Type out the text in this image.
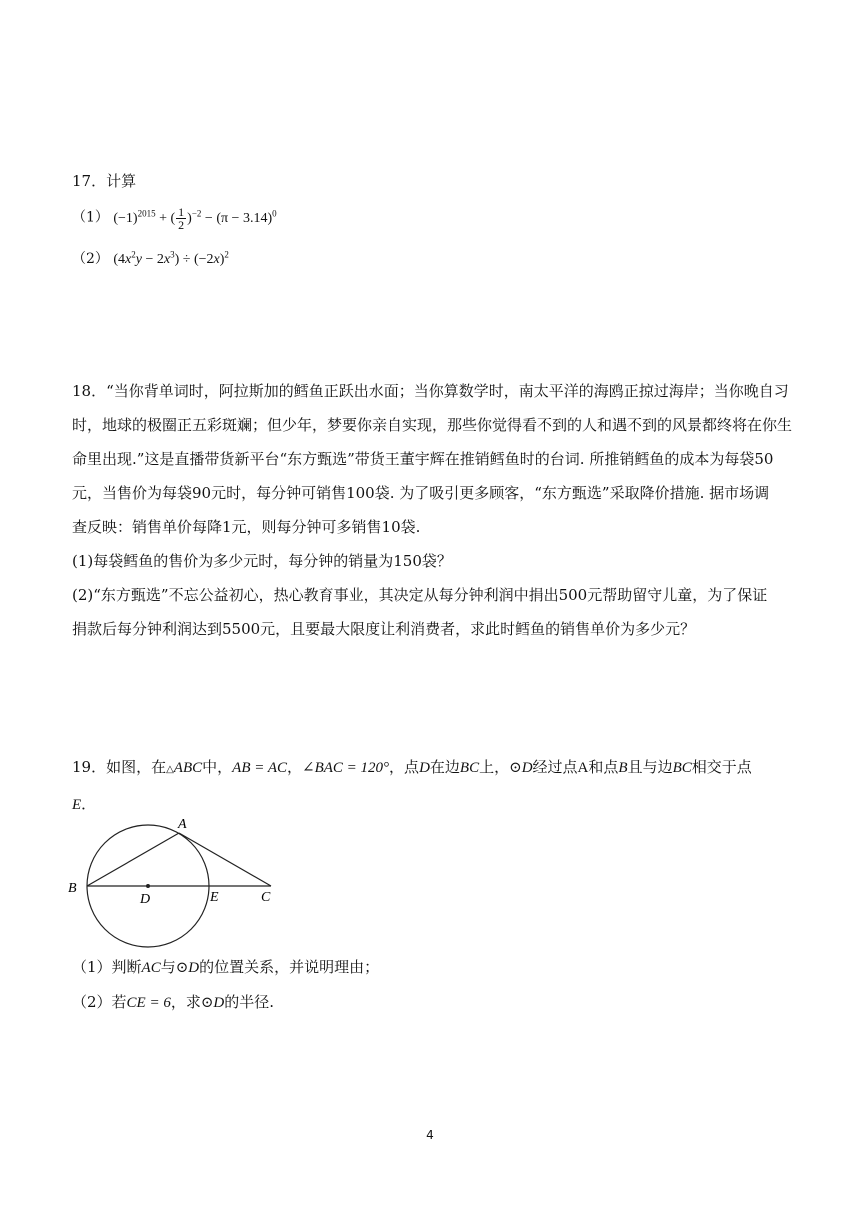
17．计算
（1） $(-1)^{2015}$ + ( $\frac{1}{2} )^{-2} - (\pi - 3.14)^0$
（2） $(4x^2y - 2x^3) \div (-2x)^2$
18．“当你背单词时，阿拉斯加的鳕鱼正跃出水面；当你算数学时，南太平洋的海鸥正掠过海岸；当你晚自习
时，地球的极圈正五彩斑斓；但少年，梦要你亲自实现，那些你觉得看不到的人和遇不到的风景都终将在你生
命里出现.”这是直播带货新平台“东方甄选”带货王董宇辉在推销鳕鱼时的台词. 所推销鳕鱼的成本为每袋50
元，当售价为每袋90元时，每分钟可销售100袋. 为了吸引更多顾客，“东方甄选”采取降价措施. 据市场调
查反映：销售单价每降1元，则每分钟可多销售10袋.
(1)每袋鳕鱼的售价为多少元时，每分钟的销量为150袋？
(2)“东方甄选”不忘公益初心，热心教育事业，其决定从每分钟利润中捐出500元帮助留守儿童，为了保证
捐款后每分钟利润达到5500元，且要最大限度让利消费者，求此时鳕鱼的销售单价为多少元？
19．如图，在△ABC中，AB = AC，∠BAC = 120°，点D在边BC上，⊙D经过点A和点B且与边BC相交于点
E．
A
B
C
D	E
（1）判断AC与⊙D的位置关系，并说明理由；
（2）若CE = 6，求⊙D的半径.
4
